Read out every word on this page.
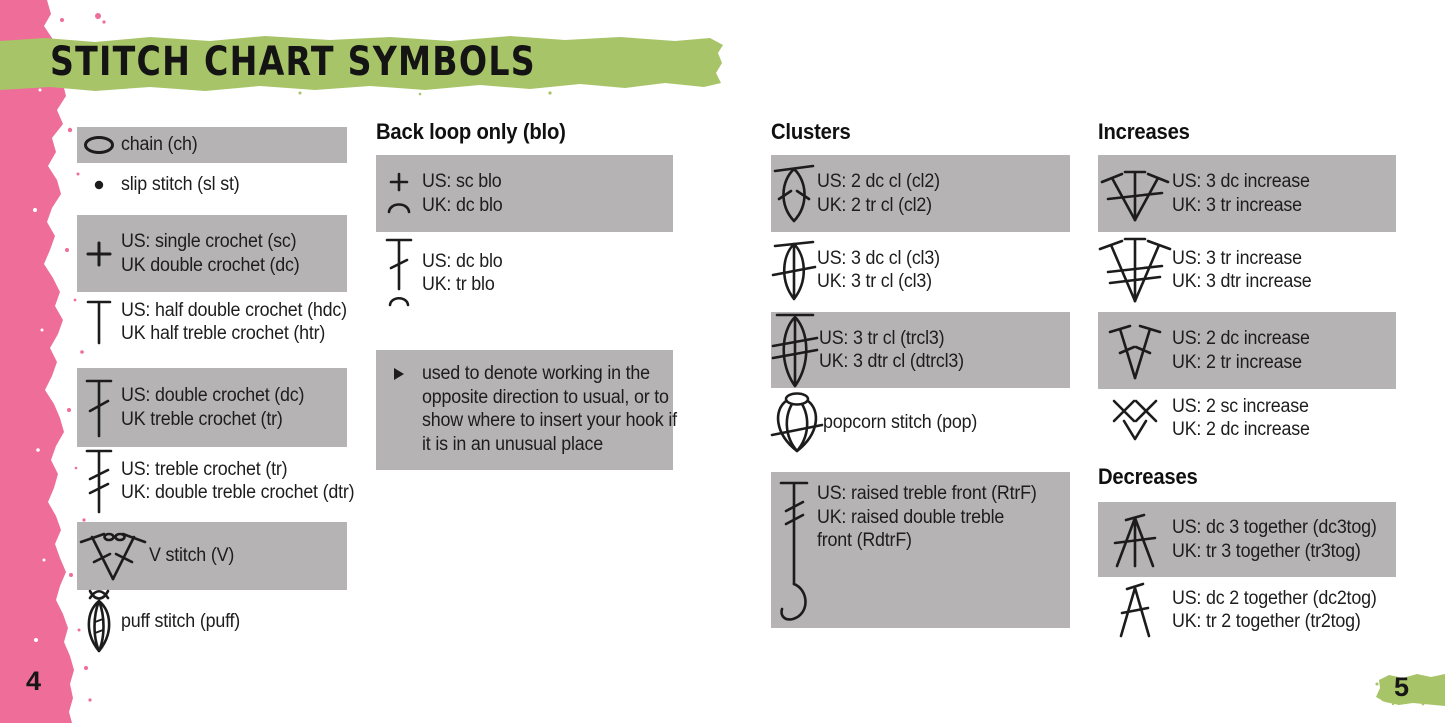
STITCH CHART SYMBOLS
Back loop only (blo)	Clusters	Increases
Decreases
chain (ch)
slip stitch (sl st)
US: single crochet (sc)
UK double crochet (dc)
US: half double crochet (hdc)
UK half treble crochet (htr)
US: double crochet (dc)
UK treble crochet (tr)
US: treble crochet (tr)
UK: double treble crochet (dtr)
V stitch (V)
puff stitch (puff)
US: sc blo
UK: dc blo
US: dc blo
UK: tr blo
used to denote working in the
opposite direction to usual, or to
show where to insert your hook if
it is in an unusual place
US: 2 dc cl (cl2)
UK: 2 tr cl (cl2)
US: 3 dc cl (cl3)
UK: 3 tr cl (cl3)
US: 3 tr cl (trcl3)
UK: 3 dtr cl (dtrcl3)
popcorn stitch (pop)
US: raised treble front (RtrF)
UK: raised double treble
front (RdtrF)
US: 3 dc increase
UK: 3 tr increase
US: 3 tr increase
UK: 3 dtr increase
US: 2 dc increase
UK: 2 tr increase
US: 2 sc increase
UK: 2 dc increase
US: dc 3 together (dc3tog)
UK: tr 3 together (tr3tog)
US: dc 2 together (dc2tog)
UK: tr 2 together (tr2tog)
4	5
